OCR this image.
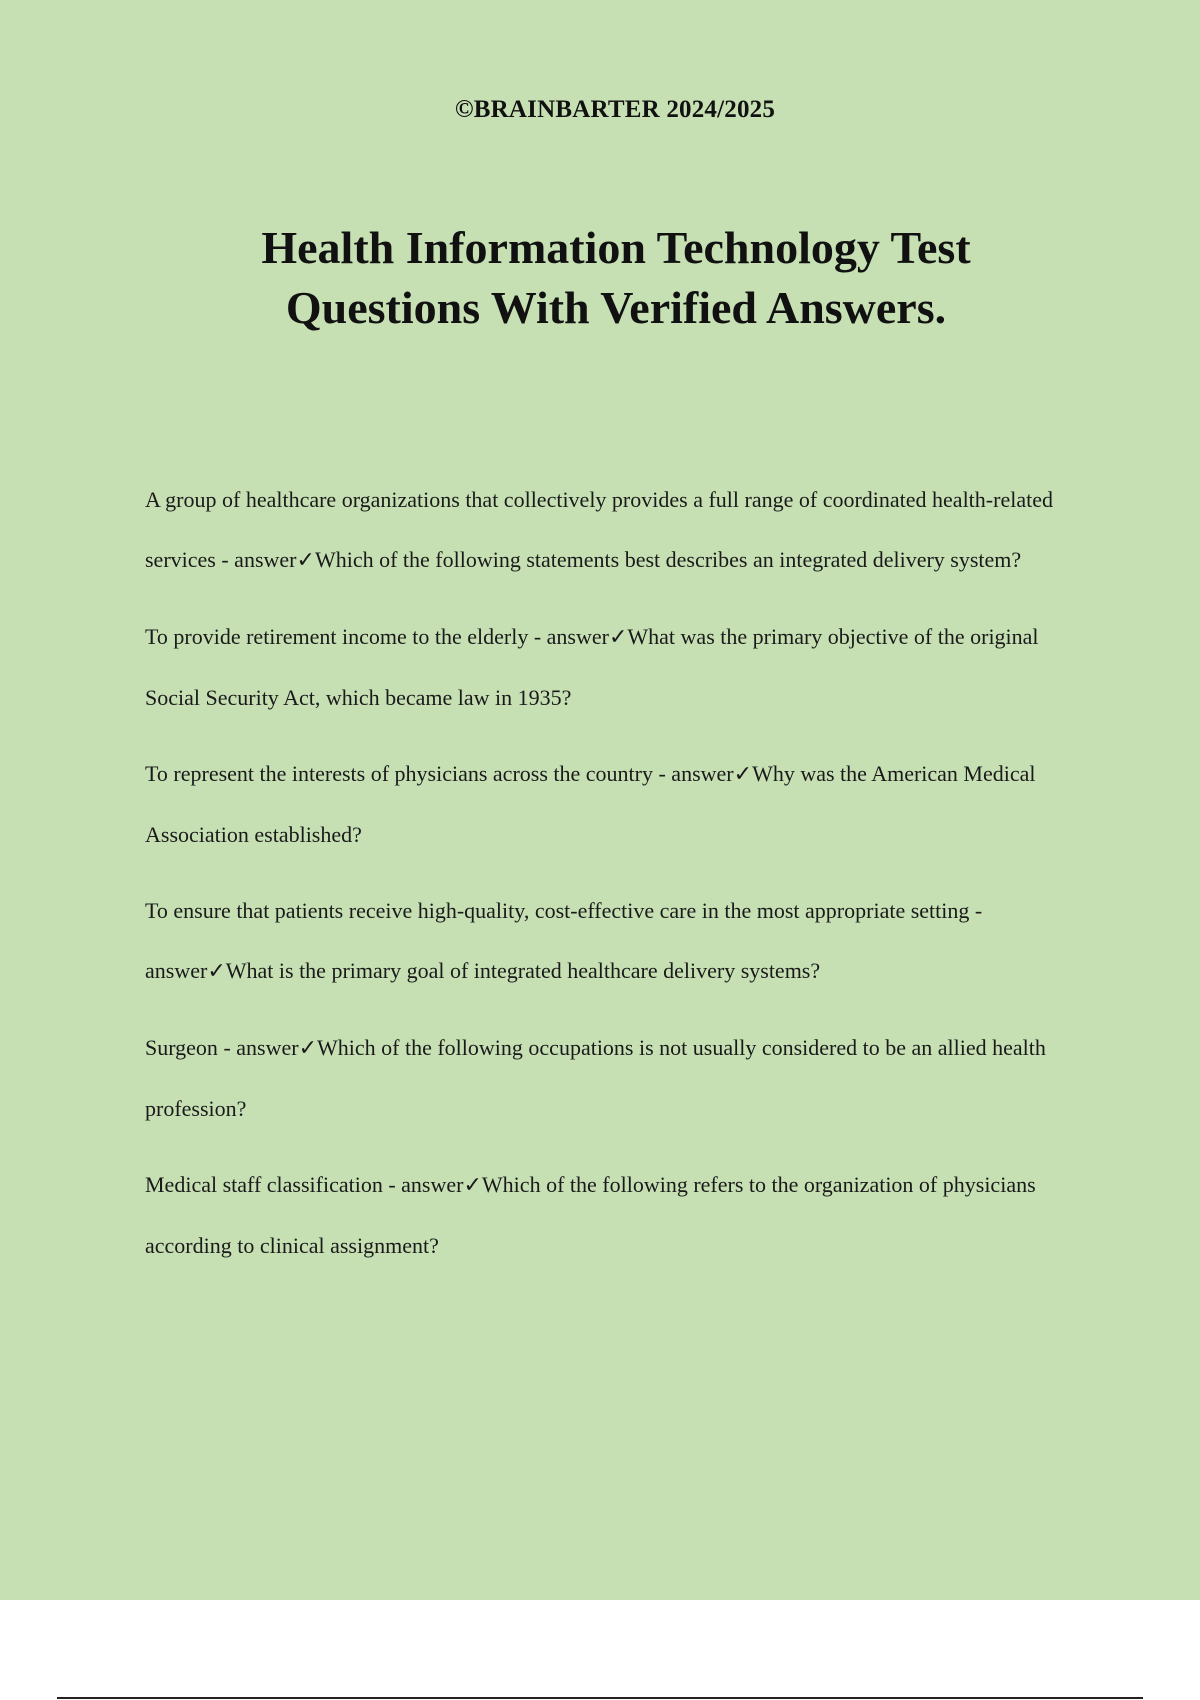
©BRAINBARTER 2024/2025
Health Information Technology Test
Questions With Verified Answers.

A group of healthcare organizations that collectively provides a full range of coordinated health-related services - answer✓Which of the following statements best describes an integrated delivery system?

To provide retirement income to the elderly - answer✓What was the primary objective of the original Social Security Act, which became law in 1935?

To represent the interests of physicians across the country - answer✓Why was the American Medical Association established?

To ensure that patients receive high-quality, cost-effective care in the most appropriate setting - answer✓What is the primary goal of integrated healthcare delivery systems?

Surgeon - answer✓Which of the following occupations is not usually considered to be an allied health profession?

Medical staff classification - answer✓Which of the following refers to the organization of physicians according to clinical assignment?
